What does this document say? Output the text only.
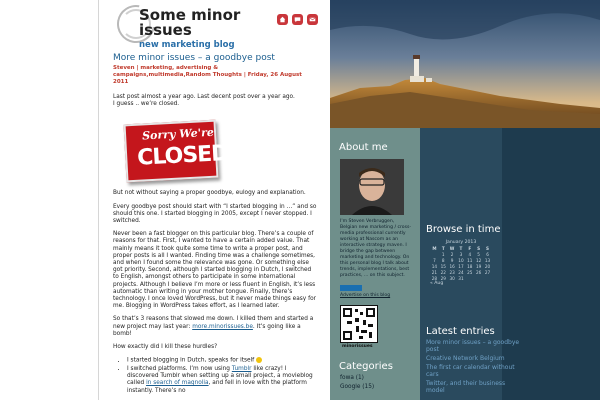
Some minor issues
new marketing blog
More minor issues – a goodbye post
Steven | marketing, advertising & campaigns,multimedia,Random Thoughts | Friday, 26 August 2011

Last post almost a year ago. Last decent post over a year ago.
I guess .. we’re closed.

Sorry We're
CLOSED

But not without saying a proper goodbye, eulogy and explanation.

Every goodbye post should start with “I started blogging in …” and so should this one. I started blogging in 2005, except I never stopped. I switched.

Never been a fast blogger on this particular blog. There’s a couple of reasons for that. First, I wanted to have a certain added value. That mainly means it took quite some time to write a proper post, and proper posts is all I wanted. Finding time was a challenge sometimes, and when I found some the relevance was gone. Or something else got priority. Second, although I started blogging in Dutch, I switched to English, amongst others to participate in some international projects. Although I believe I’m more or less fluent in English, it’s less automatic than writing in your mother tongue. Finally, there’s technology. I once loved WordPress, but it never made things easy for me. Blogging in WordPress takes effort, as I learned later.

So that’s 3 reasons that slowed me down. I killed them and started a new project may last year: more.minorissues.be. It’s going like a bomb!

How exactly did I kill these hurdles?

• I started blogging in Dutch, speaks for itself
• I switched platforms. I’m now using Tumblr like crazy! I discovered Tumblr when setting up a small project, a movieblog called in search of magnolia, and fell in love with the platform instantly. There’s no
About me
I'm Steven Verbruggen, Belgian new marketing / cross-media professional currently working at Nascom as an interactive strategy maven. I bridge the gap between marketing and technology. On this personal blog I talk about trends, implementations, best practices, ... on this subject.
Advertise on this blog
minorissues
Categories
fowa (1)
Google (15)
Browse in time
January 2013
M	T	W	T	F	S	S
	1	2	3	4	5	6
7	8	9	10	11	12	13
14	15	16	17	18	19	20
21	22	23	24	25	26	27
28	29	30	31			
« Aug
Latest entries
More minor issues – a goodbye post
Creative Network Belgium
The first car calendar without cars
Twitter, and their business model
